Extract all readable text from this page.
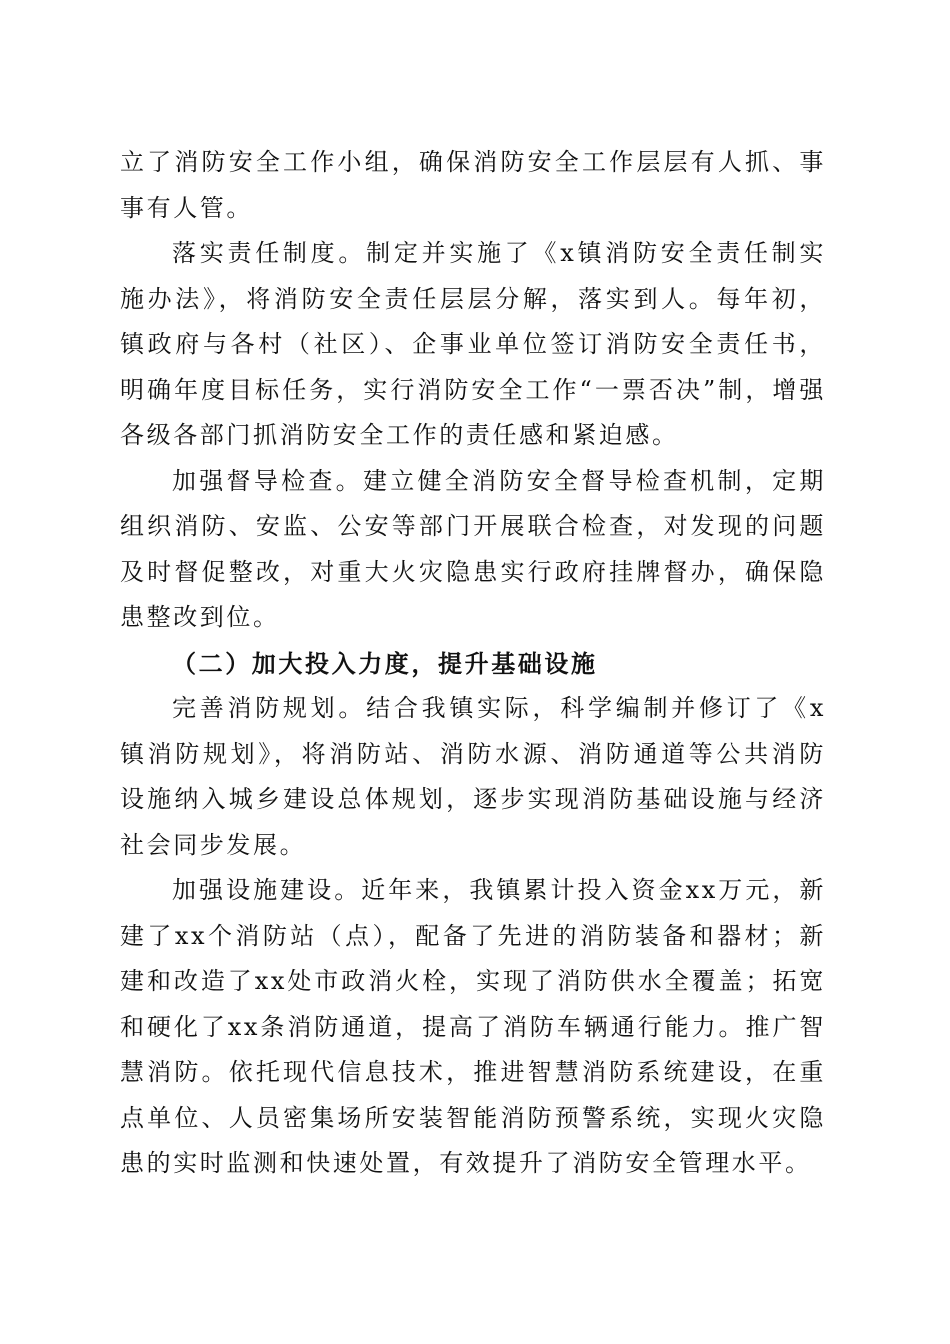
立了消防安全工作小组，确保消防安全工作层层有人抓、事事有人管。

落实责任制度。制定并实施了《x镇消防安全责任制实施办法》，将消防安全责任层层分解，落实到人。每年初，镇政府与各村（社区）、企事业单位签订消防安全责任书，明确年度目标任务，实行消防安全工作“一票否决”制，增强各级各部门抓消防安全工作的责任感和紧迫感。

加强督导检查。建立健全消防安全督导检查机制，定期组织消防、安监、公安等部门开展联合检查，对发现的问题及时督促整改，对重大火灾隐患实行政府挂牌督办，确保隐患整改到位。

（二）加大投入力度，提升基础设施

完善消防规划。结合我镇实际，科学编制并修订了《x镇消防规划》，将消防站、消防水源、消防通道等公共消防设施纳入城乡建设总体规划，逐步实现消防基础设施与经济社会同步发展。

加强设施建设。近年来，我镇累计投入资金xx万元，新建了xx个消防站（点），配备了先进的消防装备和器材；新建和改造了xx处市政消火栓，实现了消防供水全覆盖；拓宽和硬化了xx条消防通道，提高了消防车辆通行能力。推广智慧消防。依托现代信息技术，推进智慧消防系统建设，在重点单位、人员密集场所安装智能消防预警系统，实现火灾隐患的实时监测和快速处置，有效提升了消防安全管理水平。
